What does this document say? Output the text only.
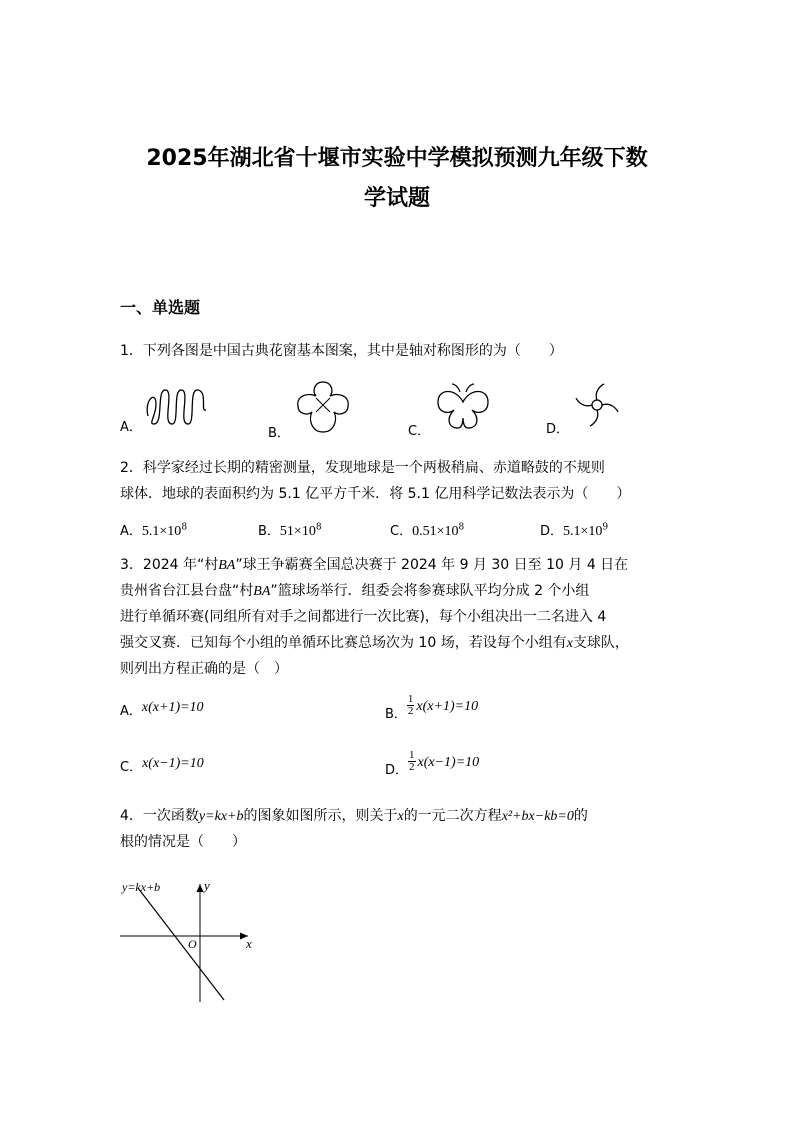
2025年湖北省十堰市实验中学模拟预测九年级下数
学试题
一、单选题
1．下列各图是中国古典花窗基本图案，其中是轴对称图形的为（　　）
A．	B．	C．	D．
2．科学家经过长期的精密测量，发现地球是一个两极稍扁、赤道略鼓的不规则
球体．地球的表面积约为 5.1 亿平方千米．将 5.1 亿用科学记数法表示为（　　）
A．$5.1\times 10^8$	B．$51\times 10^8$	C．$0.51\times 10^8$	D．$5.1\times 10^9$
3．2024 年“村BA”球王争霸赛全国总决赛于 2024 年 9 月 30 日至 10 月 4 日在
贵州省台江县台盘“村BA”篮球场举行．组委会将参赛球队平均分成 2 个小组
进行单循环赛(同组所有对手之间都进行一次比赛)，每个小组决出一二名进入 4
强交叉赛．已知每个小组的单循环比赛总场次为 10 场，若设每个小组有x支球队，
则列出方程正确的是（　）
A．x(x+1)=10	$_{B.} \frac{1}{2} x(x+1)=10$
C．x(x−1)=10	$_{D.} \frac{1}{2} x(x-1)=10$
4．一次函数y=kx+b的图象如图所示，则关于x的一元二次方程x²+bx−kb=0的
根的情况是（　　）
y=kx+b	y
x
O
